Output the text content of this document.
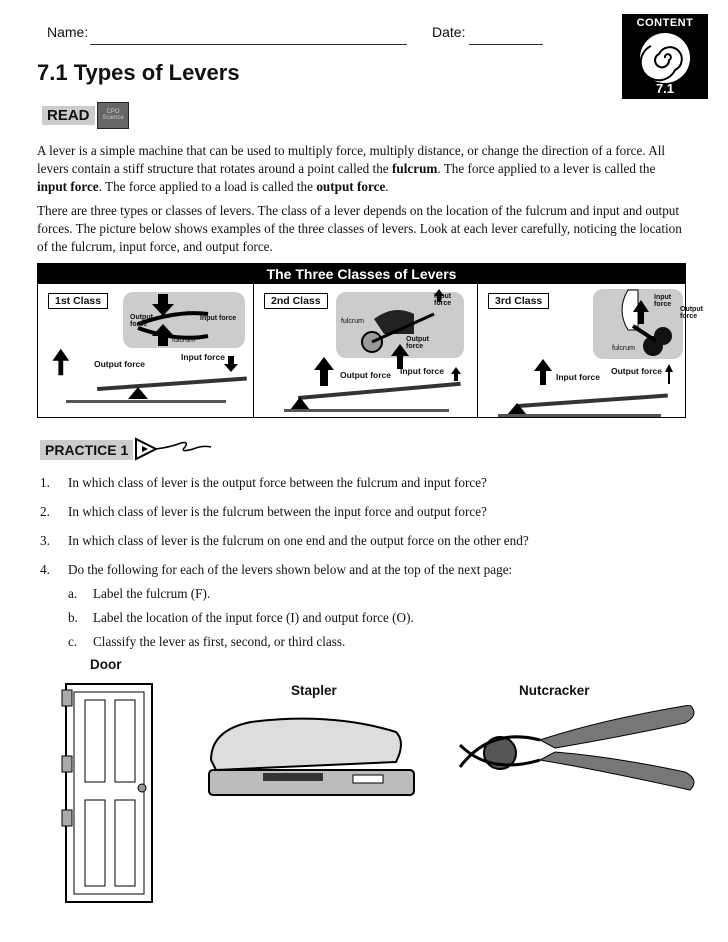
Name:	Date:
CONTENT
7.1
7.1 Types of Levers
READ	CPO Science

A lever is a simple machine that can be used to multiply force, multiply distance, or change the direction of a force. All levers contain a stiff structure that rotates around a point called the fulcrum. The force applied to a lever is called the input force. The force applied to a load is called the output force.

There are three types or classes of levers. The class of a lever depends on the location of the fulcrum and input and output forces. The picture below shows examples of the three classes of levers. Look at each lever carefully, noticing the location of the fulcrum, input force, and output force.

The Three Classes of Levers
1st Class
Output force
Input force
fulcrum
Output force
Input force
2nd Class	Input force
fulcrum
Output force
Output force Input force
3rd Class	Input force
Output force
fulcrum
Input force
Output force
PRACTICE 1
1. In which class of lever is the output force between the fulcrum and input force?
2. In which class of lever is the fulcrum between the input force and output force?
3. In which class of lever is the fulcrum on one end and the output force on the other end?
4. Do the following for each of the levers shown below and at the top of the next page:
a. Label the fulcrum (F).
b. Label the location of the input force (I) and output force (O).
c. Classify the lever as first, second, or third class.
Door
Stapler	Nutcracker
